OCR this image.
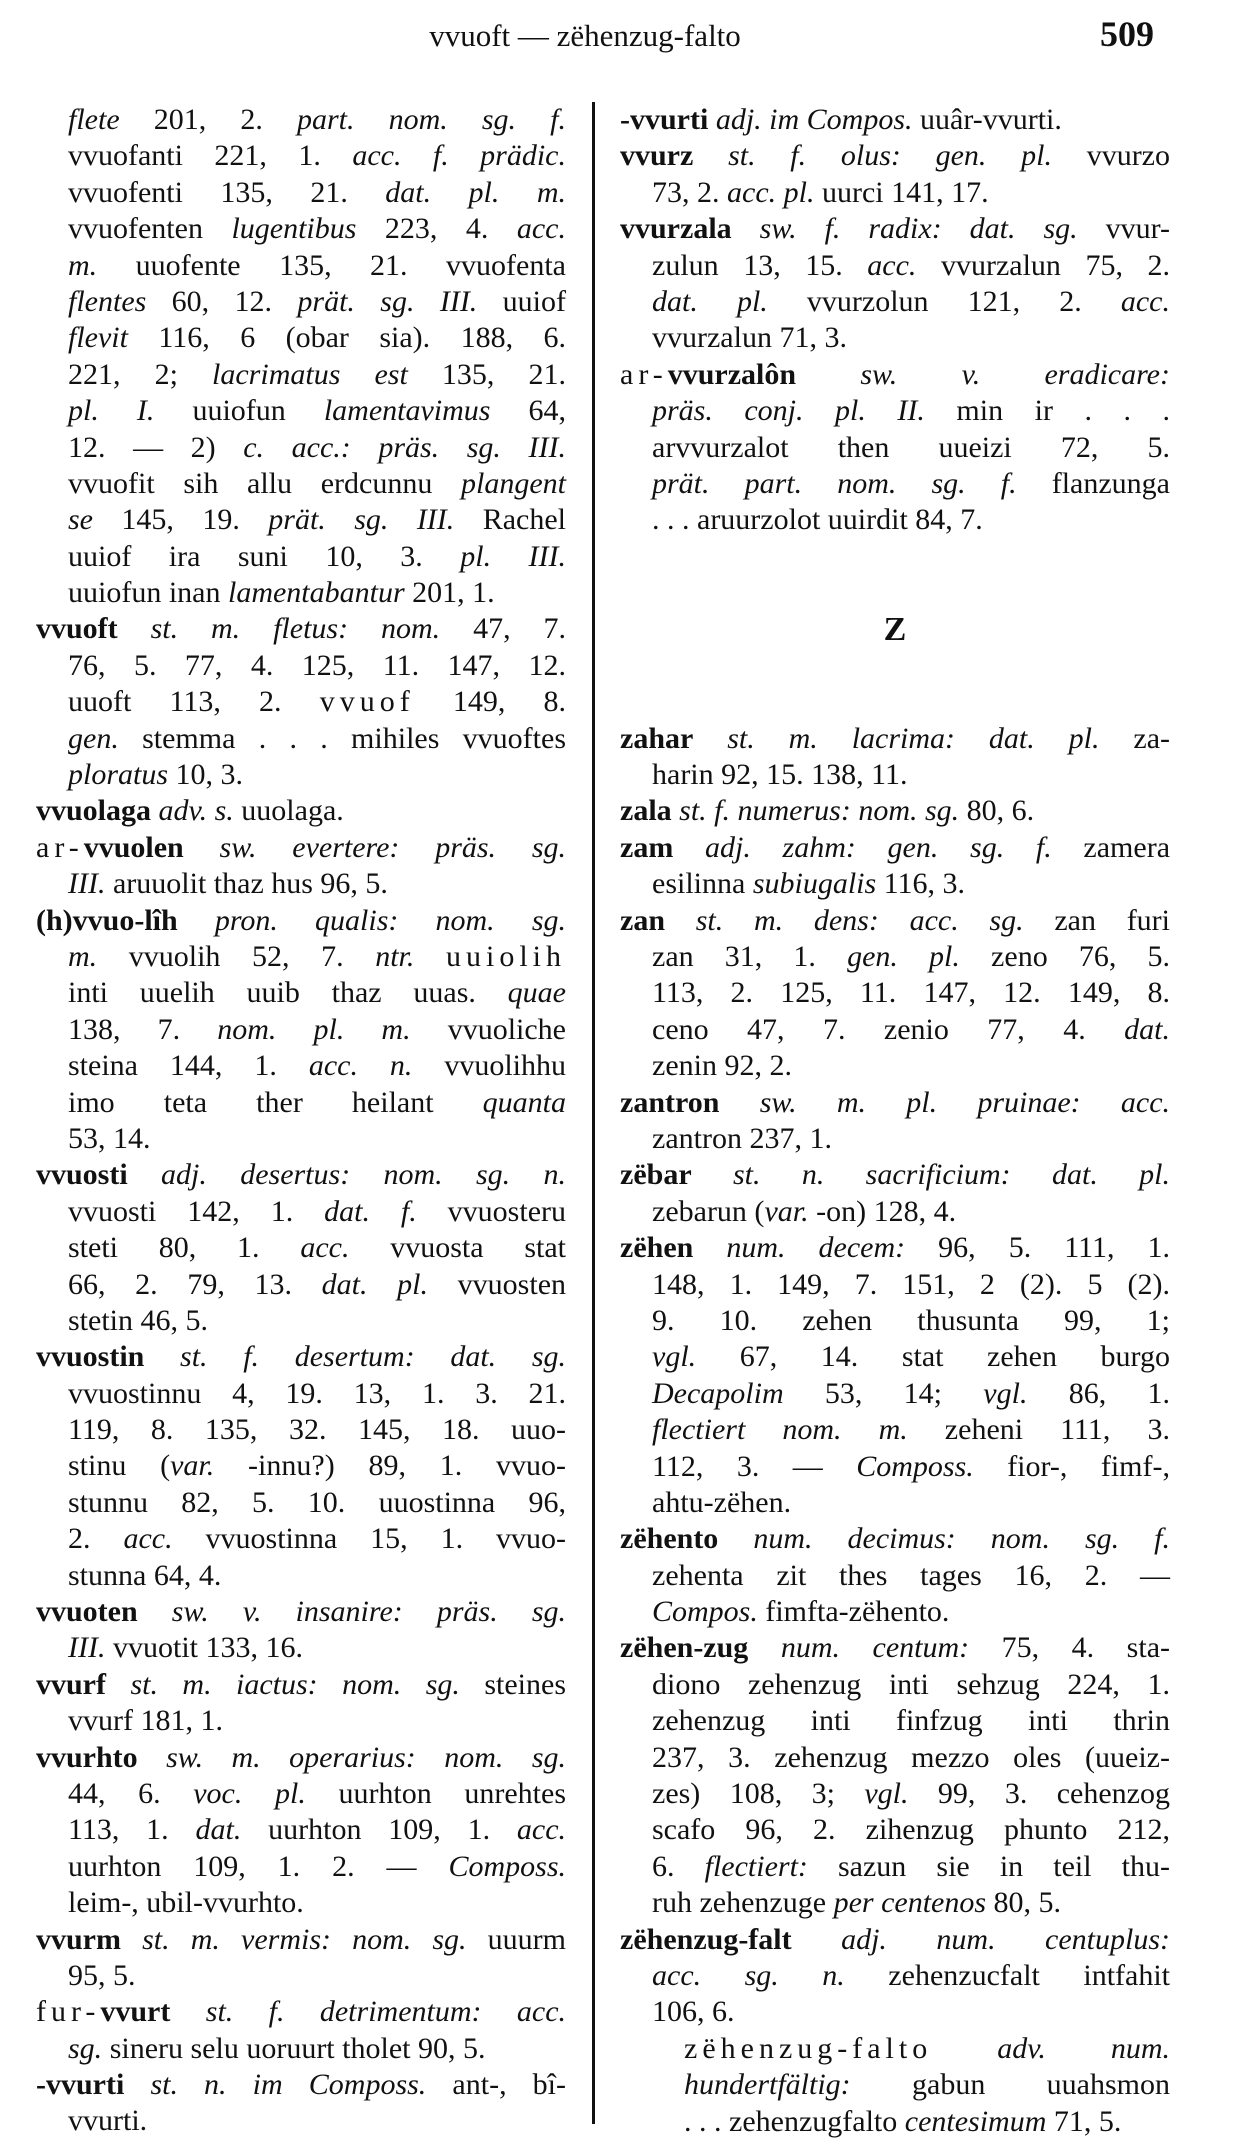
vvuoft — zëhenzug-falto	509
flete 201, 2. part. nom. sg. f.
vvuofanti 221, 1. acc. f. prädic.
vvuofenti 135, 21. dat. pl. m.
vvuofenten lugentibus 223, 4. acc.
m. uuofente 135, 21. vvuofenta
flentes 60, 12. prät. sg. III. uuiof
flevit 116, 6 (obar sia). 188, 6.
221, 2; lacrimatus est 135, 21.
pl. I. uuiofun lamentavimus 64,
12. — 2) c. acc.: präs. sg. III.
vvuofit sih allu erdcunnu plangent
se 145, 19. prät. sg. III. Rachel
uuiof ira suni 10, 3. pl. III.
uuiofun inan lamentabantur 201, 1.
vvuoft st. m. fletus: nom. 47, 7.
76, 5. 77, 4. 125, 11. 147, 12.
uuoft 113, 2. vvuof 149, 8.
gen. stemma . . . mihiles vvuoftes
ploratus 10, 3.
vvuolaga adv. s. uuolaga.
ar-vvuolen sw. evertere: präs. sg.
III. aruuolit thaz hus 96, 5.
(h)vvuo-lîh pron. qualis: nom. sg.
m. vvuolih 52, 7. ntr. uuiolih
inti uuelih uuib thaz uuas. quae
138, 7. nom. pl. m. vvuoliche
steina 144, 1. acc. n. vvuolihhu
imo teta ther heilant quanta
53, 14.
vvuosti adj. desertus: nom. sg. n.
vvuosti 142, 1. dat. f. vvuosteru
steti 80, 1. acc. vvuosta stat
66, 2. 79, 13. dat. pl. vvuosten
stetin 46, 5.
vvuostin st. f. desertum: dat. sg.
vvuostinnu 4, 19. 13, 1. 3. 21.
119, 8. 135, 32. 145, 18. uuo-
stinu (var. -innu?) 89, 1. vvuo-
stunnu 82, 5. 10. uuostinna 96,
2. acc. vvuostinna 15, 1. vvuo-
stunna 64, 4.
vvuoten sw. v. insanire: präs. sg.
III. vvuotit 133, 16.
vvurf st. m. iactus: nom. sg. steines
vvurf 181, 1.
vvurhto sw. m. operarius: nom. sg.
44, 6. voc. pl. uurhton unrehtes
113, 1. dat. uurhton 109, 1. acc.
uurhton 109, 1. 2. — Composs.
leim-, ubil-vvurhto.
vvurm st. m. vermis: nom. sg. uuurm
95, 5.
fur-vvurt st. f. detrimentum: acc.
sg. sineru selu uoruurt tholet 90, 5.
-vvurti st. n. im Composs. ant-, bî-
vvurti.
-vvurti adj. im Compos. uuâr-vvurti.
vvurz st. f. olus: gen. pl. vvurzo
73, 2. acc. pl. uurci 141, 17.
vvurzala sw. f. radix: dat. sg. vvur-
zulun 13, 15. acc. vvurzalun 75, 2.
dat. pl. vvurzolun 121, 2. acc.
vvurzalun 71, 3.
ar-vvurzalôn sw. v. eradicare:
präs. conj. pl. II. min ir . . .
arvvurzalot then uueizi 72, 5.
prät. part. nom. sg. f. flanzunga
. . . aruurzolot uuirdit 84, 7.
Z
zahar st. m. lacrima: dat. pl. za-
harin 92, 15. 138, 11.
zala st. f. numerus: nom. sg. 80, 6.
zam adj. zahm: gen. sg. f. zamera
esilinna subiugalis 116, 3.
zan st. m. dens: acc. sg. zan furi
zan 31, 1. gen. pl. zeno 76, 5.
113, 2. 125, 11. 147, 12. 149, 8.
ceno 47, 7. zenio 77, 4. dat.
zenin 92, 2.
zantron sw. m. pl. pruinae: acc.
zantron 237, 1.
zëbar st. n. sacrificium: dat. pl.
zebarun (var. -on) 128, 4.
zëhen num. decem: 96, 5. 111, 1.
148, 1. 149, 7. 151, 2 (2). 5 (2).
9. 10. zehen thusunta 99, 1;
vgl. 67, 14. stat zehen burgo
Decapolim 53, 14; vgl. 86, 1.
flectiert nom. m. zeheni 111, 3.
112, 3. — Composs. fior-, fimf-,
ahtu-zëhen.
zëhento num. decimus: nom. sg. f.
zehenta zit thes tages 16, 2. —
Compos. fimfta-zëhento.
zëhen-zug num. centum: 75, 4. sta-
diono zehenzug inti sehzug 224, 1.
zehenzug inti finfzug inti thrin
237, 3. zehenzug mezzo oles (uueiz-
zes) 108, 3; vgl. 99, 3. cehenzog
scafo 96, 2. zihenzug phunto 212,
6. flectiert: sazun sie in teil thu-
ruh zehenzuge per centenos 80, 5.
zëhenzug-falt adj. num. centuplus:
acc. sg. n. zehenzucfalt intfahit
106, 6.
zëhenzug-falto adv. num.
hundertfältig: gabun uuahsmon
. . . zehenzugfalto centesimum 71, 5.
